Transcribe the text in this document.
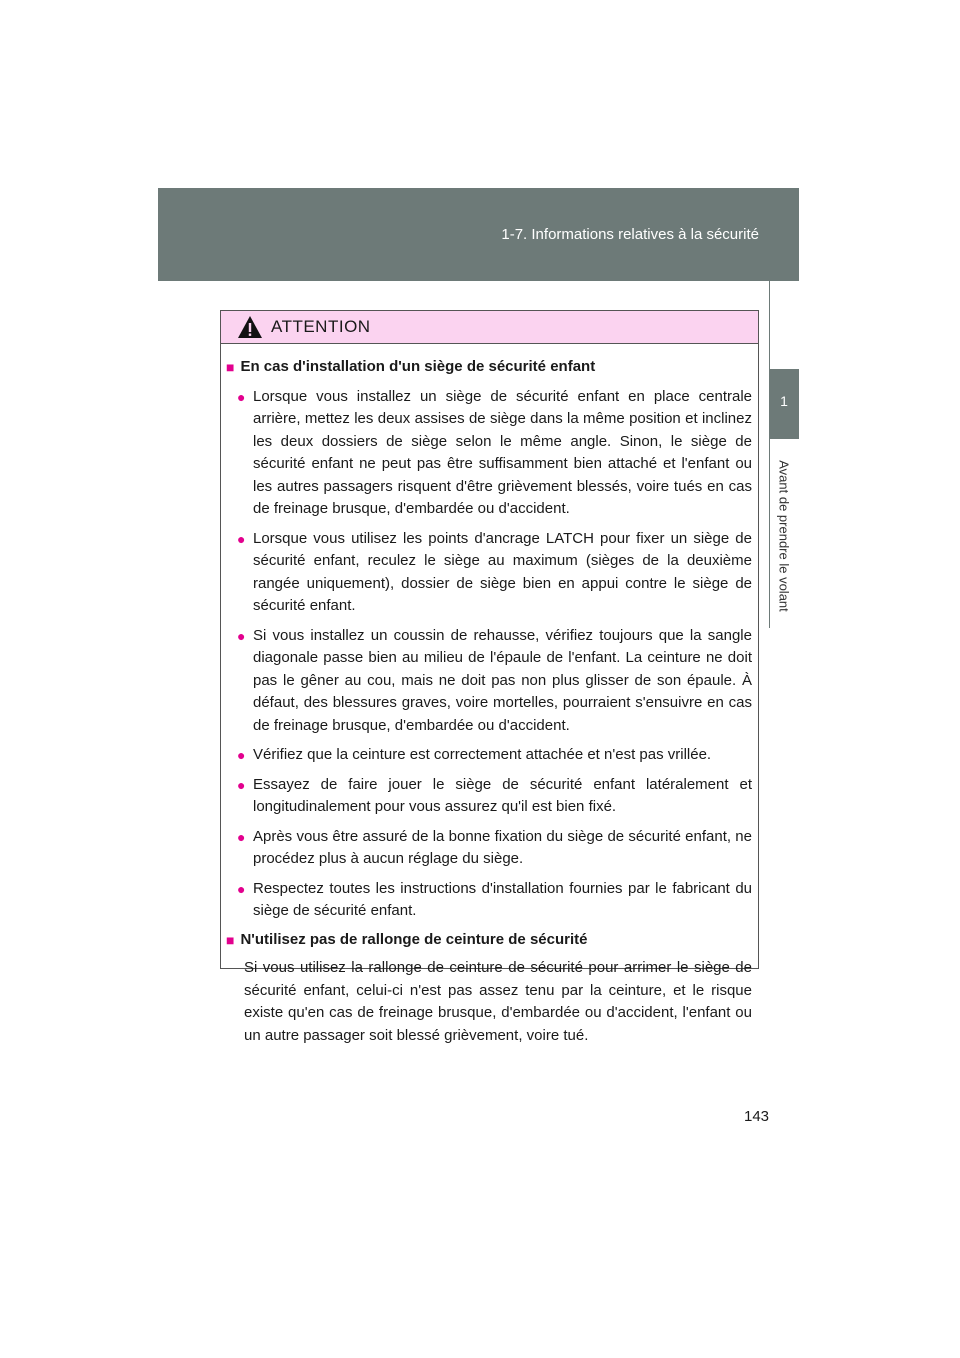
1-7. Informations relatives à la sécurité
1
Avant de prendre le volant
ATTENTION
■ En cas d'installation d'un siège de sécurité enfant
● Lorsque vous installez un siège de sécurité enfant en place centrale arrière, mettez les deux assises de siège dans la même position et inclinez les deux dossiers de siège selon le même angle. Sinon, le siège de sécurité enfant ne peut pas être suffisamment bien attaché et l'enfant ou les autres passagers risquent d'être grièvement blessés, voire tués en cas de freinage brusque, d'embardée ou d'accident.
● Lorsque vous utilisez les points d'ancrage LATCH pour fixer un siège de sécurité enfant, reculez le siège au maximum (sièges de la deuxième rangée uniquement), dossier de siège bien en appui contre le siège de sécurité enfant.
● Si vous installez un coussin de rehausse, vérifiez toujours que la sangle diagonale passe bien au milieu de l'épaule de l'enfant. La ceinture ne doit pas le gêner au cou, mais ne doit pas non plus glisser de son épaule. À défaut, des blessures graves, voire mortelles, pourraient s'ensuivre en cas de freinage brusque, d'embardée ou d'accident.
● Vérifiez que la ceinture est correctement attachée et n'est pas vrillée.
● Essayez de faire jouer le siège de sécurité enfant latéralement et longitudinalement pour vous assurez qu'il est bien fixé.
● Après vous être assuré de la bonne fixation du siège de sécurité enfant, ne procédez plus à aucun réglage du siège.
● Respectez toutes les instructions d'installation fournies par le fabricant du siège de sécurité enfant.
■ N'utilisez pas de rallonge de ceinture de sécurité
Si vous utilisez la rallonge de ceinture de sécurité pour arrimer le siège de sécurité enfant, celui-ci n'est pas assez tenu par la ceinture, et le risque existe qu'en cas de freinage brusque, d'embardée ou d'accident, l'enfant ou un autre passager soit blessé grièvement, voire tué.
143
